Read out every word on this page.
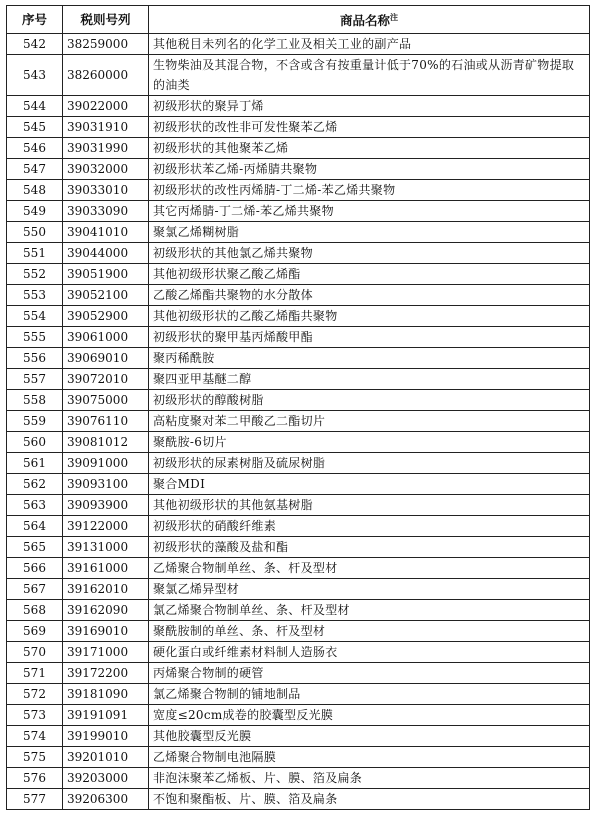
序号	税则号列	商品名称$^注$
542	38259000	其他税目未列名的化学工业及相关工业的副产品
543	38260000	生物柴油及其混合物，不含或含有按重量计低于70%的石油或从沥青矿物提取的油类
544	39022000	初级形状的聚异丁烯
545	39031910	初级形状的改性非可发性聚苯乙烯
546	39031990	初级形状的其他聚苯乙烯
547	39032000	初级形状苯乙烯-丙烯腈共聚物
548	39033010	初级形状的改性丙烯腈-丁二烯-苯乙烯共聚物
549	39033090	其它丙烯腈-丁二烯-苯乙烯共聚物
550	39041010	聚氯乙烯糊树脂
551	39044000	初级形状的其他氯乙烯共聚物
552	39051900	其他初级形状聚乙酸乙烯酯
553	39052100	乙酸乙烯酯共聚物的水分散体
554	39052900	其他初级形状的乙酸乙烯酯共聚物
555	39061000	初级形状的聚甲基丙烯酸甲酯
556	39069010	聚丙稀酰胺
557	39072010	聚四亚甲基醚二醇
558	39075000	初级形状的醇酸树脂
559	39076110	高粘度聚对苯二甲酸乙二酯切片
560	39081012	聚酰胺-6切片
561	39091000	初级形状的尿素树脂及硫尿树脂
562	39093100	聚合MDI
563	39093900	其他初级形状的其他氨基树脂
564	39122000	初级形状的硝酸纤维素
565	39131000	初级形状的藻酸及盐和酯
566	39161000	乙烯聚合物制单丝、条、杆及型材
567	39162010	聚氯乙烯异型材
568	39162090	氯乙烯聚合物制单丝、条、杆及型材
569	39169010	聚酰胺制的单丝、条、杆及型材
570	39171000	硬化蛋白或纤维素材料制人造肠衣
571	39172200	丙烯聚合物制的硬管
572	39181090	氯乙烯聚合物制的铺地制品
573	39191091	宽度≤20cm成卷的胶囊型反光膜
574	39199010	其他胶囊型反光膜
575	39201010	乙烯聚合物制电池隔膜
576	39203000	非泡沫聚苯乙烯板、片、膜、箔及扁条
577	39206300	不饱和聚酯板、片、膜、箔及扁条
